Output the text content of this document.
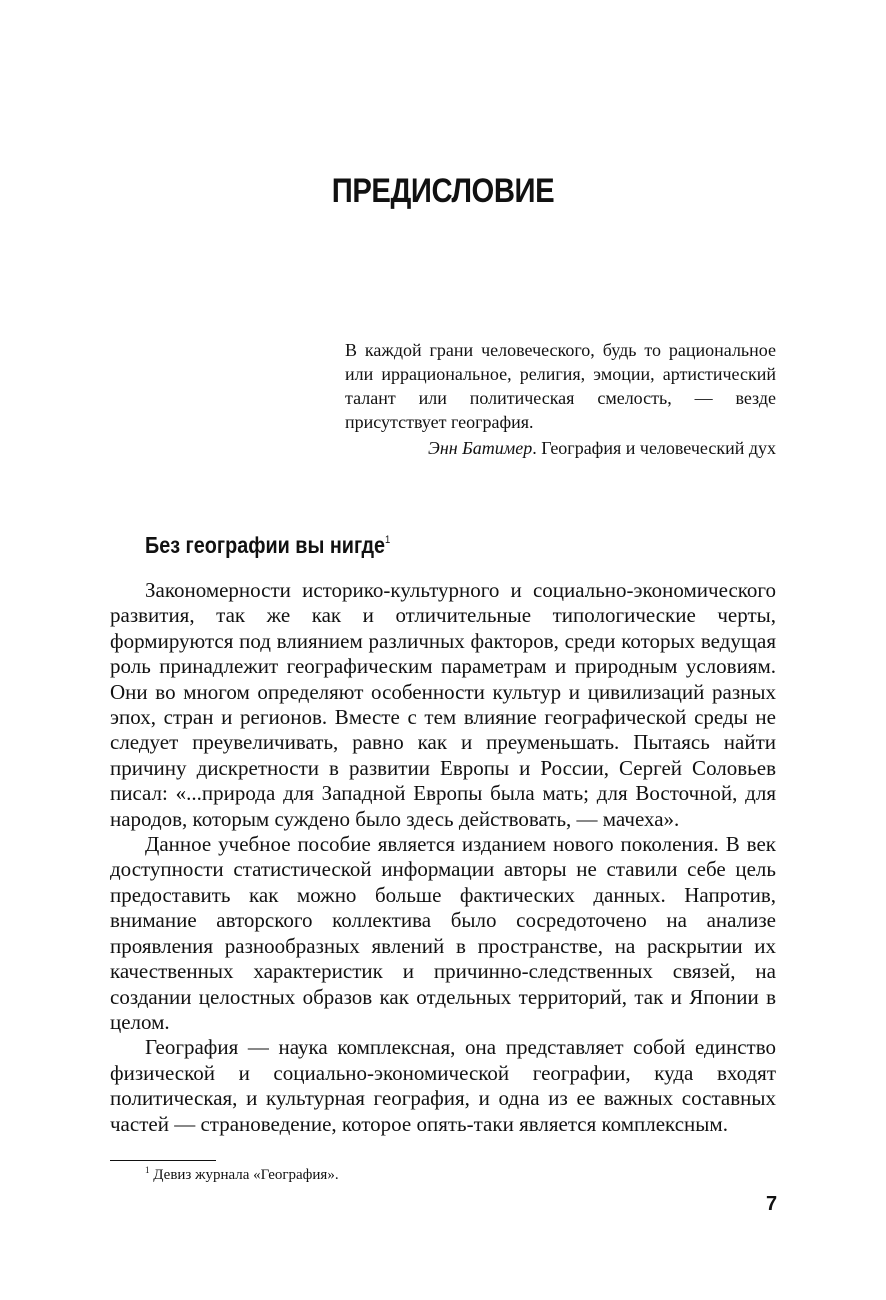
ПРЕДИСЛОВИЕ

В каждой грани человеческого, будь то рациональное или иррациональное, религия, эмоции, артистический талант или политическая смелость, — везде присутствует география.

Энн Батимер. География и человеческий дух

Без географии вы нигде$^1$

Закономерности историко-культурного и социально-экономического развития, так же как и отличительные типологические черты, формируются под влиянием различных факторов, среди которых ведущая роль принадлежит географическим параметрам и природным условиям. Они во многом определяют особенности культур и цивилизаций разных эпох, стран и регионов. Вместе с тем влияние географической среды не следует преувеличивать, равно как и преуменьшать. Пытаясь найти причину дискретности в развитии Европы и России, Сергей Соловьев писал: «...природа для Западной Европы была мать; для Восточной, для народов, которым суждено было здесь действовать, — мачеха».

Данное учебное пособие является изданием нового поколения. В век доступности статистической информации авторы не ставили себе цель предоставить как можно больше фактических данных. Напротив, внимание авторского коллектива было сосредоточено на анализе проявления разнообразных явлений в пространстве, на раскрытии их качественных характеристик и причинно-следственных связей, на создании целостных образов как отдельных территорий, так и Японии в целом.

География — наука комплексная, она представляет собой единство физической и социально-экономической географии, куда входят политическая, и культурная география, и одна из ее важных составных частей — страноведение, которое опять-таки является комплексным.

$^1$ Девиз журнала «География».
7
